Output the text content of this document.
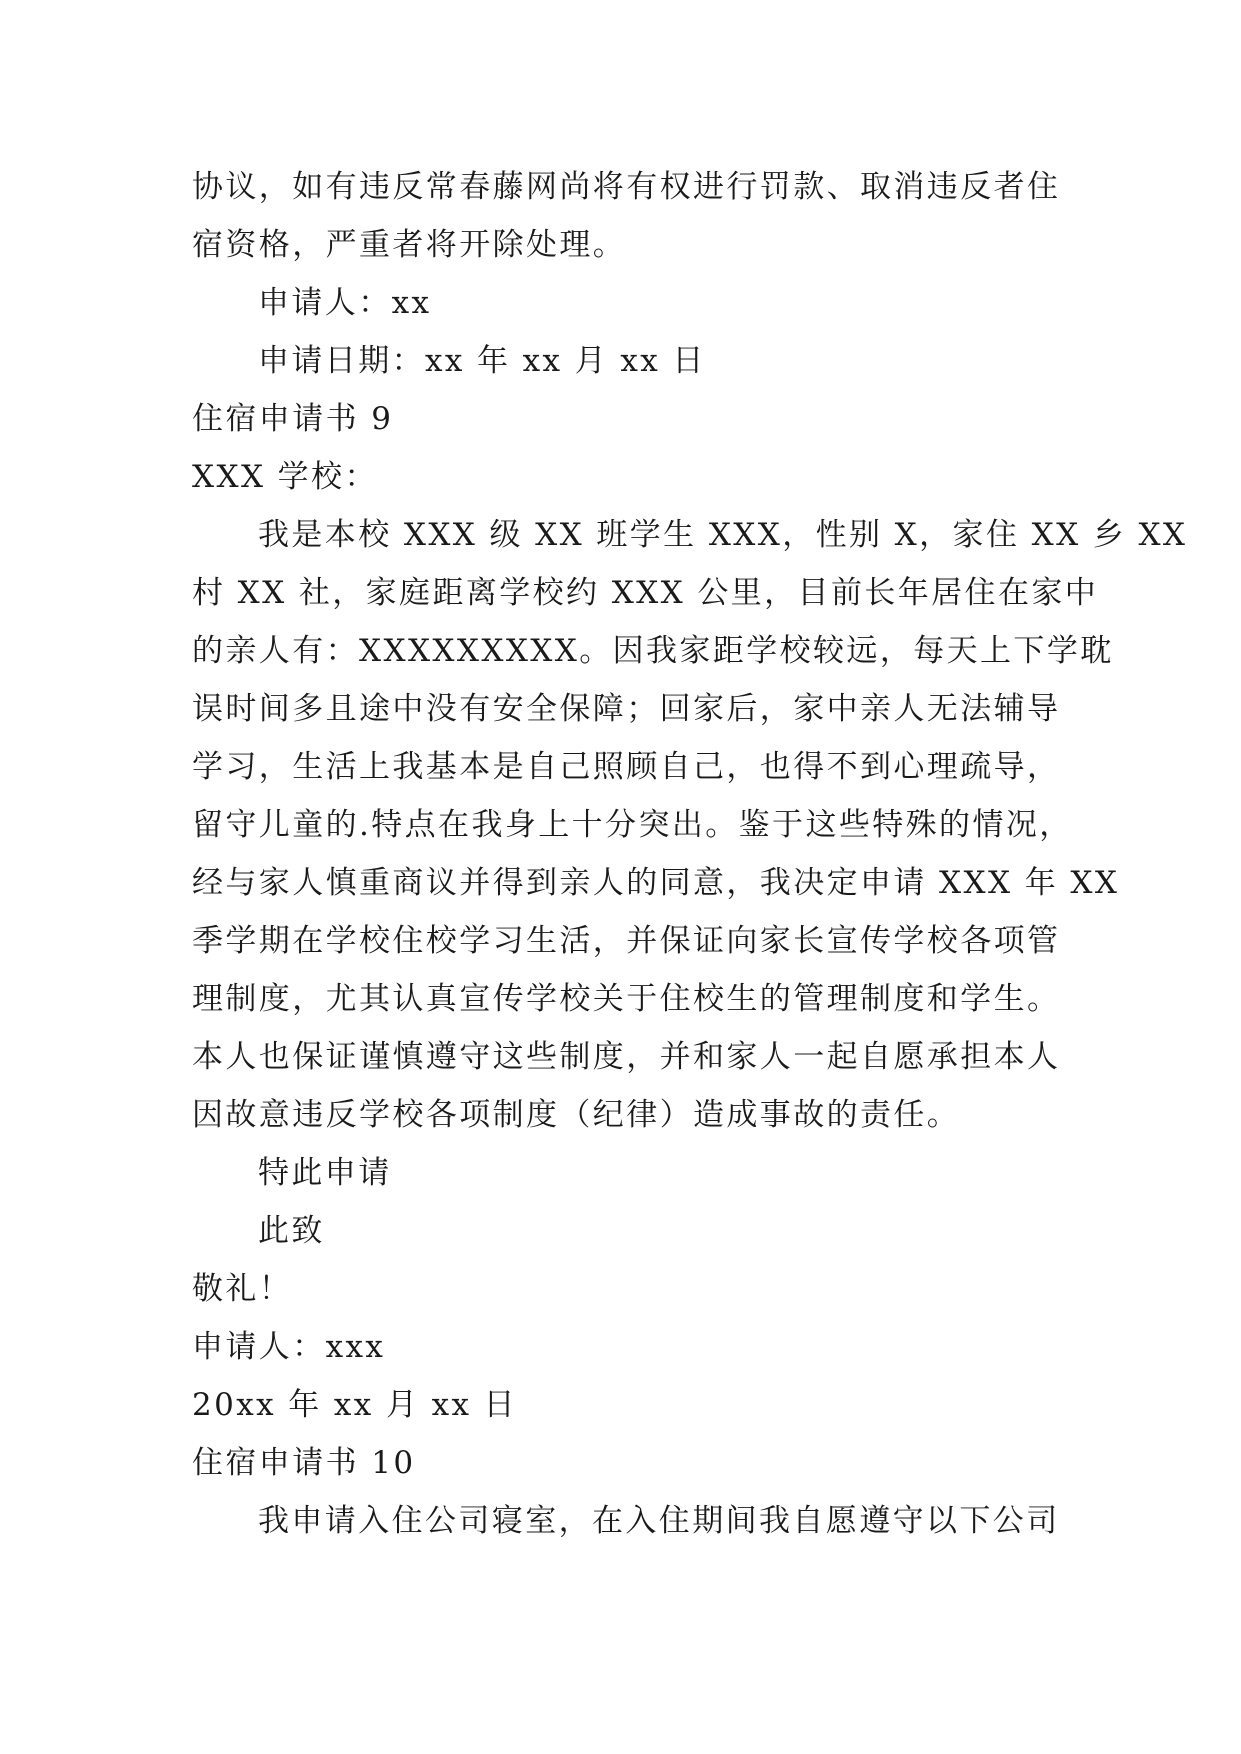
协议，如有违反常春藤网尚将有权进行罚款、取消违反者住
宿资格，严重者将开除处理。
申请人：xx
申请日期：xx 年 xx 月 xx 日
住宿申请书 9
XXX 学校：
我是本校 XXX 级 XX 班学生 XXX，性别 X，家住 XX 乡 XX
村 XX 社，家庭距离学校约 XXX 公里，目前长年居住在家中
的亲人有：XXXXXXXXX。因我家距学校较远，每天上下学耽
误时间多且途中没有安全保障；回家后，家中亲人无法辅导
学习，生活上我基本是自己照顾自己，也得不到心理疏导，
留守儿童的.特点在我身上十分突出。鉴于这些特殊的情况，
经与家人慎重商议并得到亲人的同意，我决定申请 XXX 年 XX
季学期在学校住校学习生活，并保证向家长宣传学校各项管
理制度，尤其认真宣传学校关于住校生的管理制度和学生。
本人也保证谨慎遵守这些制度，并和家人一起自愿承担本人
因故意违反学校各项制度（纪律）造成事故的责任。
特此申请
此致
敬礼！
申请人：xxx
20xx 年 xx 月 xx 日
住宿申请书 10
我申请入住公司寝室，在入住期间我自愿遵守以下公司
